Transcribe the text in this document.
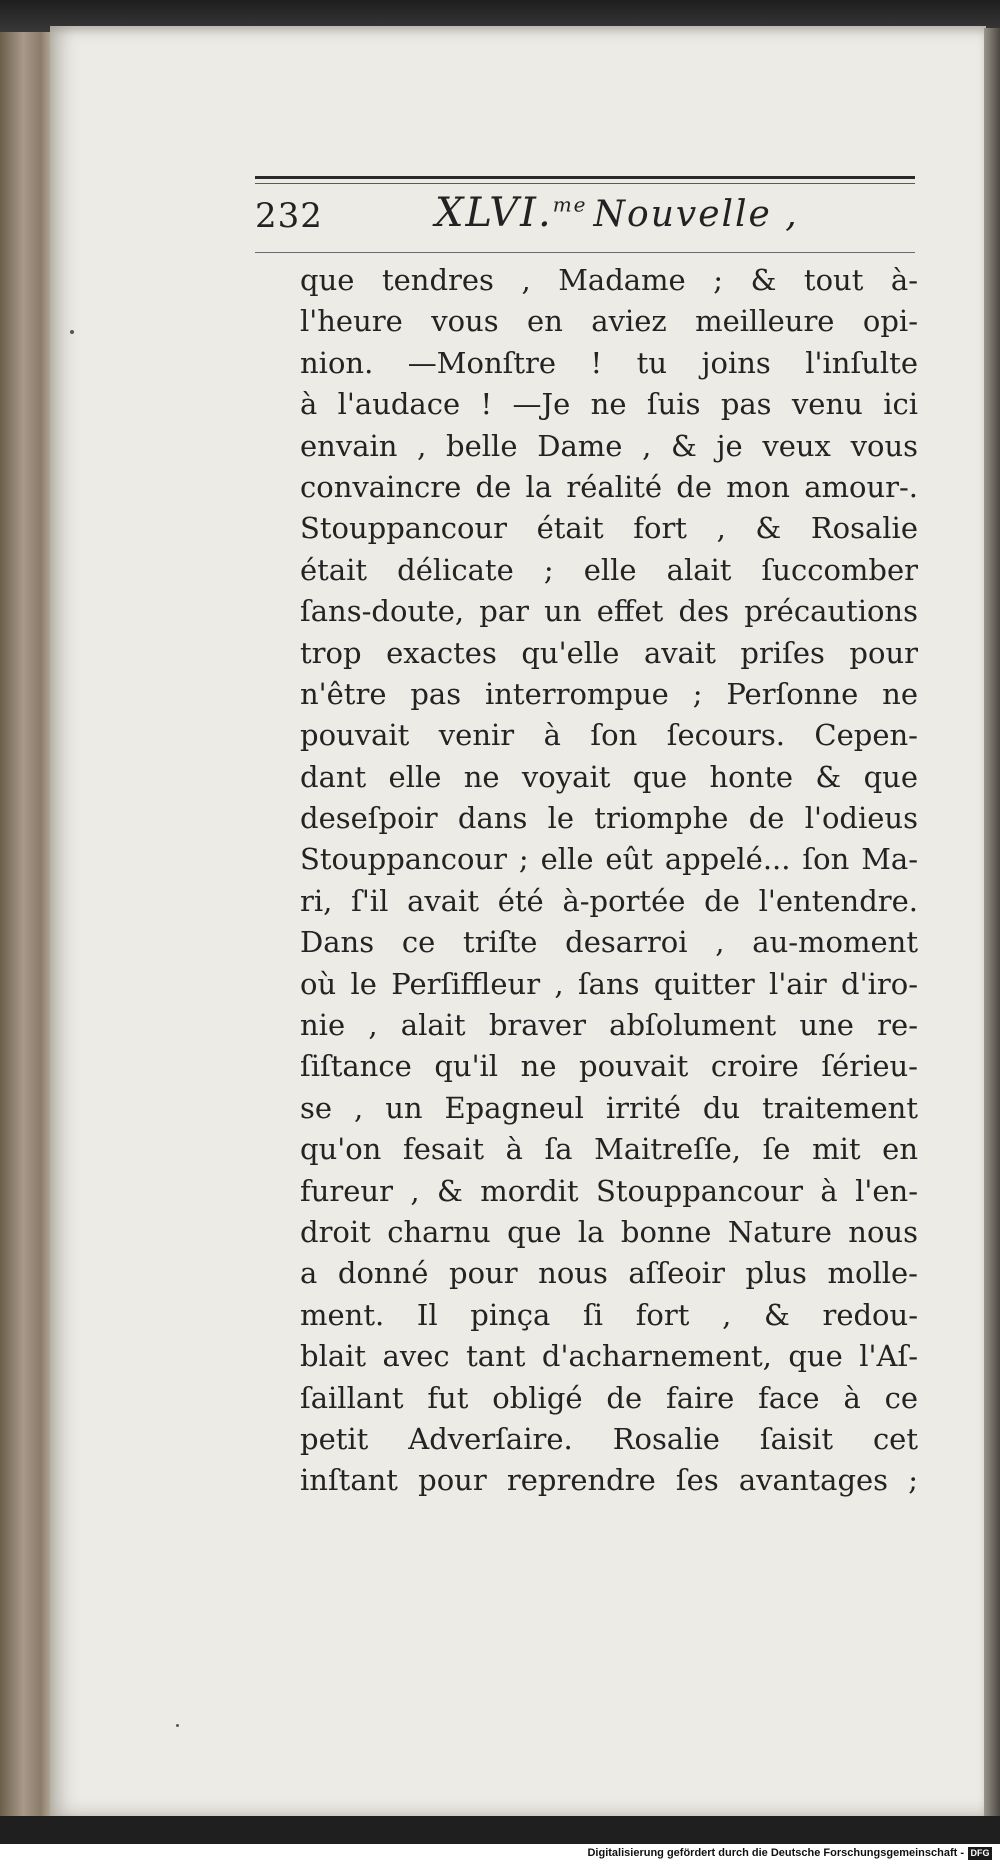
232	XLVI.$^{me}$ Nouvelle ,
que tendres , Madame ; & tout à-
l'heure vous en aviez meilleure opi-
nion. —Monſtre ! tu joins l'inſulte
à l'audace ! —Je ne ſuis pas venu ici
envain , belle Dame , & je veux vous
convaincre de la réalité de mon amour-.
Stouppancour était fort , & Rosalie
était délicate ; elle alait ſuccomber
ſans-doute, par un effet des précautions
trop exactes qu'elle avait priſes pour
n'être pas interrompue ; Perſonne ne
pouvait venir à ſon ſecours. Cepen-
dant elle ne voyait que honte & que
deseſpoir dans le triomphe de l'odieus
Stouppancour ; elle eût appelé... ſon Ma-
ri, ſ'il avait été à-portée de l'entendre.
Dans ce triſte desarroi , au-moment
où le Perſiffleur , ſans quitter l'air d'iro-
nie , alait braver abſolument une re-
ſiſtance qu'il ne pouvait croire ſérieu-
se , un Epagneul irrité du traitement
qu'on fesait à ſa Maitreſſe, ſe mit en
fureur , & mordit Stouppancour à l'en-
droit charnu que la bonne Nature nous
a donné pour nous aſſeoir plus molle-
ment. Il pinça ſi fort , & redou-
blait avec tant d'acharnement, que l'Aſ-
ſaillant fut obligé de faire face à ce
petit Adverſaire. Rosalie ſaisit cet
inſtant pour reprendre ſes avantages ;
Digitalisierung gefördert durch die Deutsche Forschungsgemeinschaft - DFG
